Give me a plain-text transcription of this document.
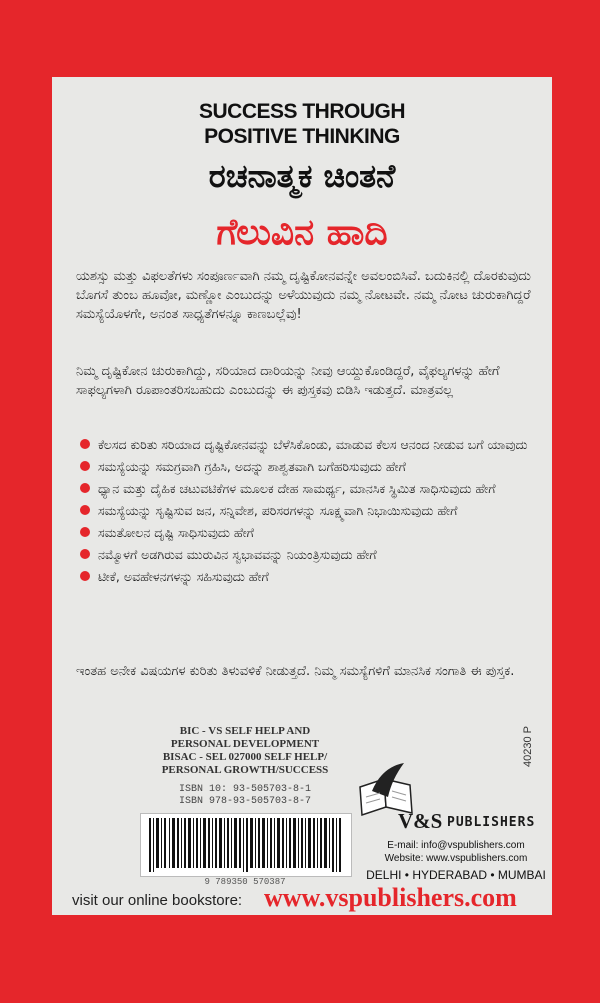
SUCCESS THROUGH
POSITIVE THINKING
ರಚನಾತ್ಮಕ ಚಿಂತನೆ
ಗೆಲುವಿನ ಹಾದಿ
ಯಶಸ್ಸು ಮತ್ತು ವಿಫಲತೆಗಳು ಸಂಪೂರ್ಣವಾಗಿ ನಮ್ಮ ದೃಷ್ಟಿಕೋನವನ್ನೇ ಅವಲಂಬಿಸಿವೆ. ಬದುಕಿನಲ್ಲಿ ದೊರಕುವುದು ಬೊಗಸೆ ತುಂಬ ಹೂವೋ, ಮಣ್ಣೋ ಎಂಬುದನ್ನು ಅಳೆಯುವುದು ನಮ್ಮ ನೋಟವೇ. ನಮ್ಮ ನೋಟ ಚುರುಕಾಗಿದ್ದರೆ ಸಮಸ್ಯೆಯೊಳಗೇ, ಅನಂತ ಸಾಧ್ಯತೆಗಳನ್ನೂ ಕಾಣಬಲ್ಲೆವು!
ನಿಮ್ಮ ದೃಷ್ಟಿಕೋನ ಚುರುಕಾಗಿದ್ದು, ಸರಿಯಾದ ದಾರಿಯನ್ನು ನೀವು ಆಯ್ದುಕೊಂಡಿದ್ದರೆ, ವೈಫಲ್ಯಗಳನ್ನು ಹೇಗೆ ಸಾಫಲ್ಯಗಳಾಗಿ ರೂಪಾಂತರಿಸಬಹುದು ಎಂಬುದನ್ನು ಈ ಪುಸ್ತಕವು ಬಿಡಿಸಿ ಇಡುತ್ತದೆ. ಮಾತ್ರವಲ್ಲ
ಕೆಲಸದ ಕುರಿತು ಸರಿಯಾದ ದೃಷ್ಟಿಕೋನವನ್ನು ಬೆಳೆಸಿಕೊಂಡು, ಮಾಡುವ ಕೆಲಸ ಆನಂದ ನೀಡುವ ಬಗೆ ಯಾವುದು
ಸಮಸ್ಯೆಯನ್ನು ಸಮಗ್ರವಾಗಿ ಗ್ರಹಿಸಿ, ಅದನ್ನು ಶಾಶ್ವತವಾಗಿ ಬಗೆಹರಿಸುವುದು ಹೇಗೆ
ಧ್ಯಾನ ಮತ್ತು ದೈಹಿಕ ಚಟುವಟಿಕೆಗಳ ಮೂಲಕ ದೇಹ ಸಾಮರ್ಥ್ಯ, ಮಾನಸಿಕ ಸ್ಥಿಮಿತ ಸಾಧಿಸುವುದು ಹೇಗೆ
ಸಮಸ್ಯೆಯನ್ನು ಸೃಷ್ಟಿಸುವ ಜನ, ಸನ್ನಿವೇಶ, ಪರಿಸರಗಳನ್ನು ಸೂಕ್ಷ್ಮವಾಗಿ ನಿಭಾಯಿಸುವುದು ಹೇಗೆ
ಸಮತೋಲನ ದೃಷ್ಟಿ ಸಾಧಿಸುವುದು ಹೇಗೆ
ನಮ್ಮೊಳಗೆ ಅಡಗಿರುವ ಮುರುವಿನ ಸ್ವಭಾವವನ್ನು ನಿಯಂತ್ರಿಸುವುದು ಹೇಗೆ
ಟೀಕೆ, ಅವಹೇಳನಗಳನ್ನು ಸಹಿಸುವುದು ಹೇಗೆ
ಇಂತಹ ಅನೇಕ ವಿಷಯಗಳ ಕುರಿತು ತಿಳುವಳಿಕೆ ನೀಡುತ್ತದೆ. ನಿಮ್ಮ ಸಮಸ್ಯೆಗಳಿಗೆ ಮಾನಸಿಕ ಸಂಗಾತಿ ಈ ಪುಸ್ತಕ.
BIC - VS SELF HELP AND
PERSONAL DEVELOPMENT
BISAC - SEL 027000 SELF HELP/
PERSONAL GROWTH/SUCCESS
ISBN 10: 93-505703-8-1
ISBN 978-93-505703-8-7
9 789350 570387
40230 P
V&S PUBLISHERS
E-mail: info@vspublishers.com
Website: www.vspublishers.com
DELHI • HYDERABAD • MUMBAI
visit our online bookstore: www.vspublishers.com
